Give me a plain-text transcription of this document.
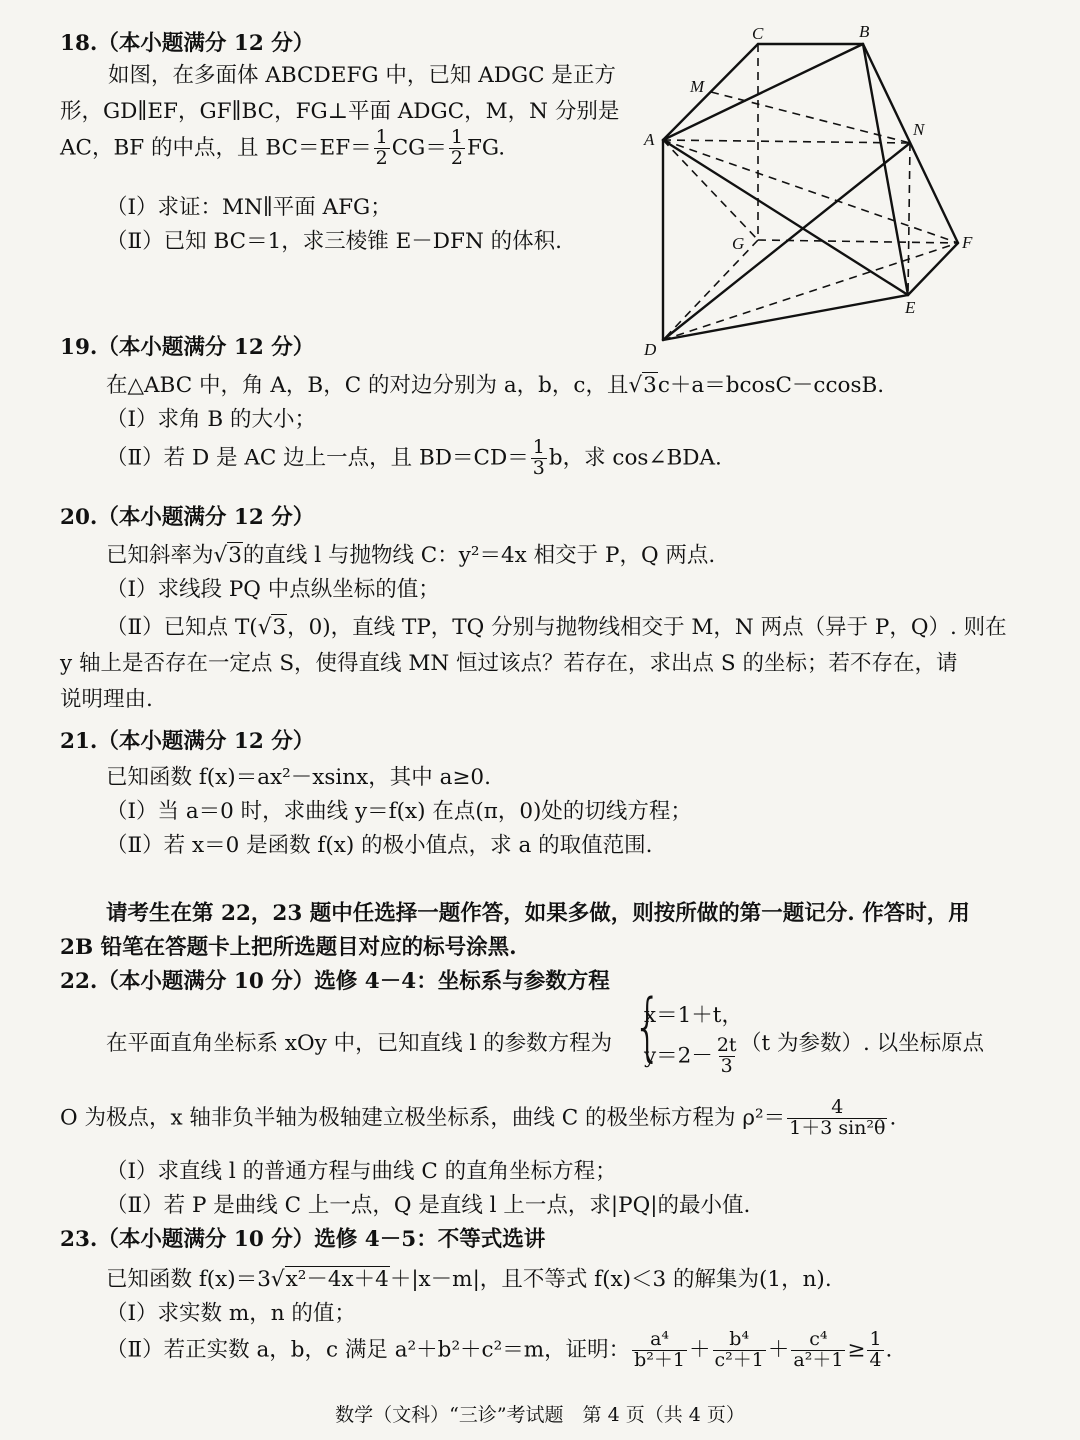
18.（本小题满分 12 分）
如图，在多面体 ABCDEFG 中，已知 ADGC 是正方
形，GD∥EF，GF∥BC，FG⊥平面 ADGC，M，N 分别是
AC，BF 的中点，且 $BC=EF= \frac{1}{2} CG= \frac{1}{2}$ FG.
（Ⅰ）求证：MN∥平面 AFG；
（Ⅱ）已知 BC＝1，求三棱锥 E－DFN 的体积.
C	B
M
A
N
G	F
E
D
19.（本小题满分 12 分）
在△ABC 中，角 A，B，C 的对边分别为 a，b，c，且√3c＋a＝bcosC－ccosB.
（Ⅰ）求角 B 的大小；
（Ⅱ）若 D 是 AC 边上一点，且 $BD=CD= \frac{1}{3}$ b，求 cos∠BDA.
20.（本小题满分 12 分）
已知斜率为√3的直线 l 与抛物线 C：y²＝4x 相交于 P，Q 两点.
（Ⅰ）求线段 PQ 中点纵坐标的值；
（Ⅱ）已知点 T(√3，0)，直线 TP，TQ 分别与抛物线相交于 M，N 两点（异于 P，Q）. 则在
y 轴上是否存在一定点 S，使得直线 MN 恒过该点？若存在，求出点 S 的坐标；若不存在，请
说明理由.
21.（本小题满分 12 分）
已知函数 f(x)＝ax²－xsinx，其中 a≥0.
（Ⅰ）当 a＝0 时，求曲线 y＝f(x) 在点(π，0)处的切线方程；
（Ⅱ）若 x＝0 是函数 f(x) 的极小值点，求 a 的取值范围.
请考生在第 22，23 题中任选择一题作答，如果多做，则按所做的第一题记分. 作答时，用
2B 铅笔在答题卡上把所选题目对应的标号涂黑.
22.（本小题满分 10 分）选修 4－4：坐标系与参数方程
在平面直角坐标系 xOy 中，已知直线 l 的参数方程为 {
x＝1＋t，
$y=2- \frac{2t}{3} (t$ 为参数）. 以坐标原点
O 为极点，x 轴非负半轴为极轴建立极坐标系，曲线 C 的极坐标方程为 $\rho^2= \frac{4}{\text{1＋3 sin²θ}}$ .
（Ⅰ）求直线 l 的普通方程与曲线 C 的直角坐标方程；
（Ⅱ）若 P 是曲线 C 上一点，Q 是直线 l 上一点，求|PQ|的最小值.
23.（本小题满分 10 分）选修 4－5：不等式选讲
已知函数 f(x)＝3√x²－4x＋4＋|x－m|，且不等式 f(x)＜3 的解集为(1，n).
（Ⅰ）求实数 m，n 的值；
（Ⅱ）若正实数 a，b，c 满足 a²＋b²＋c²＝m，证明： $\frac{\text{a⁴}}{\text{b²＋1}} + \frac{\text{b⁴}}{\text{c²＋1}} + \frac{\text{c⁴}}{\text{a²＋1}} \ge \frac{1}{4}$ .
数学（文科）“三诊”考试题　第 4 页（共 4 页）
